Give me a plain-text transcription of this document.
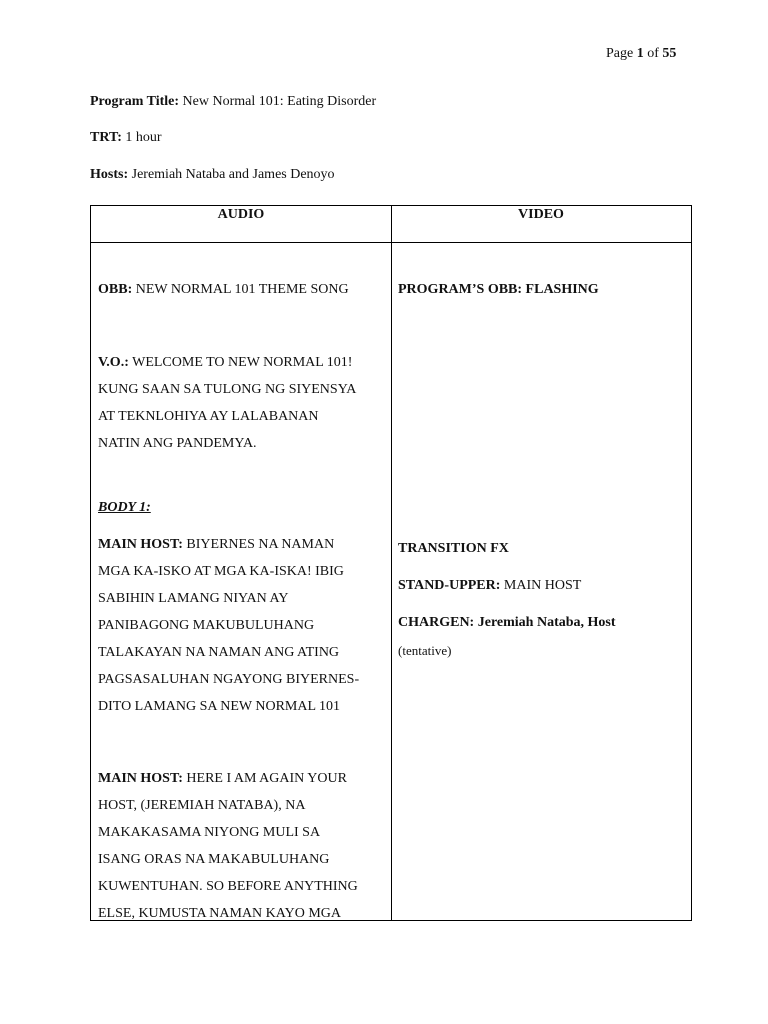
Page 1 of 55
Program Title: New Normal 101: Eating Disorder
TRT: 1 hour
Hosts: Jeremiah Nataba and James Denoyo
AUDIO	VIDEO
OBB: NEW NORMAL 101 THEME SONG
V.O.: WELCOME TO NEW NORMAL 101!
KUNG SAAN SA TULONG NG SIYENSYA
AT TEKNLOHIYA AY LALABANAN
NATIN ANG PANDEMYA.
BODY 1:
MAIN HOST: BIYERNES NA NAMAN
MGA KA-ISKO AT MGA KA-ISKA! IBIG
SABIHIN LAMANG NIYAN AY
PANIBAGONG MAKUBULUHANG
TALAKAYAN NA NAMAN ANG ATING
PAGSASALUHAN NGAYONG BIYERNES-
DITO LAMANG SA NEW NORMAL 101
MAIN HOST: HERE I AM AGAIN YOUR
HOST, (JEREMIAH NATABA), NA
MAKAKASAMA NIYONG MULI SA
ISANG ORAS NA MAKABULUHANG
KUWENTUHAN. SO BEFORE ANYTHING
ELSE, KUMUSTA NAMAN KAYO MGA
PROGRAM’S OBB: FLASHING
TRANSITION FX
STAND-UPPER: MAIN HOST
CHARGEN: Jeremiah Nataba, Host
(tentative)
